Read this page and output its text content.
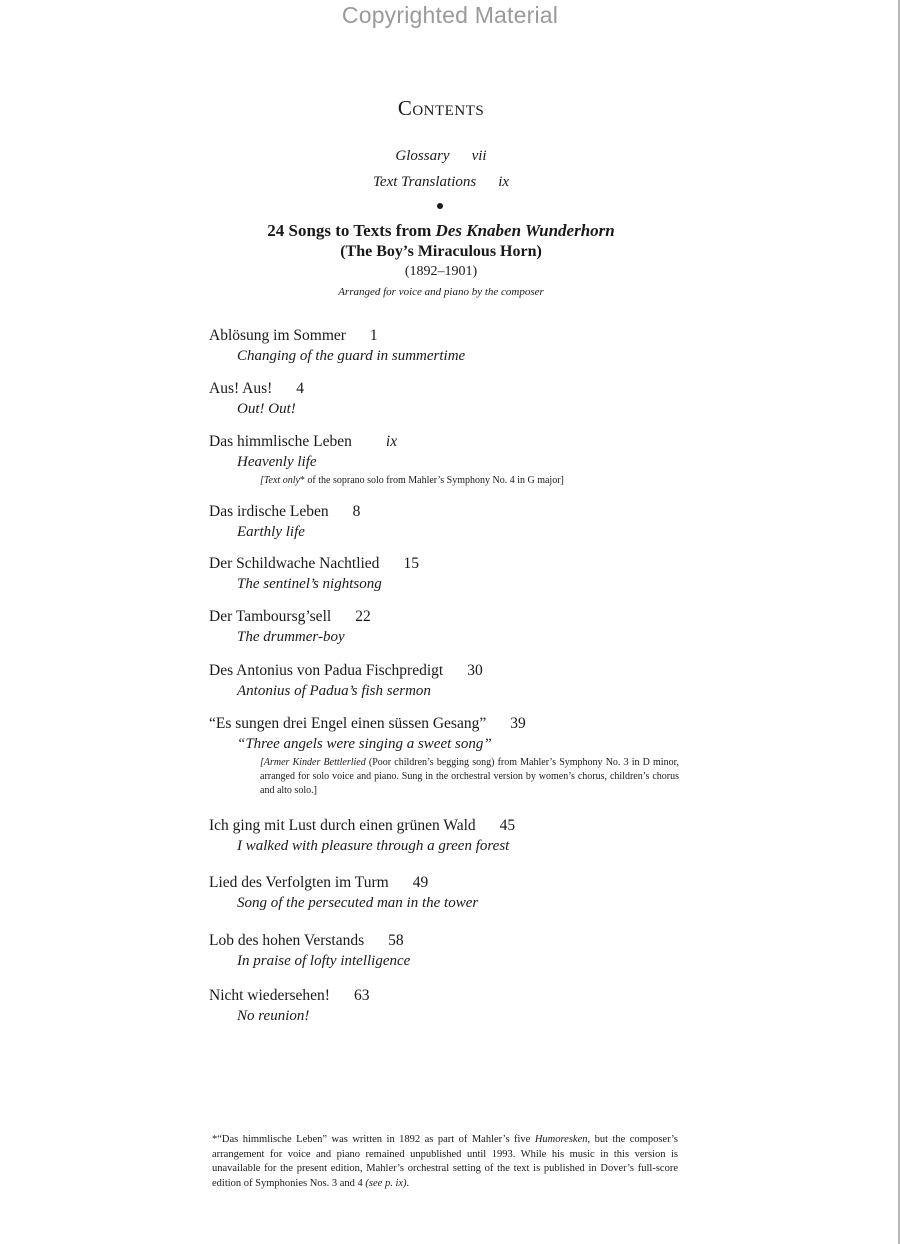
Copyrighted Material
Contents
Glossary vii
Text Translations ix
24 Songs to Texts from Des Knaben Wunderhorn
(The Boy’s Miraculous Horn)
(1892–1901)
Arranged for voice and piano by the composer
Ablösung im Sommer 1
Changing of the guard in summertime
Aus! Aus! 4
Out! Out!
Das himmlische Leben ix
Heavenly life
[Text only* of the soprano solo from Mahler’s Symphony No. 4 in G major]
Das irdische Leben 8
Earthly life
Der Schildwache Nachtlied 15
The sentinel’s nightsong
Der Tamboursg’sell 22
The drummer-boy
Des Antonius von Padua Fischpredigt 30
Antonius of Padua’s fish sermon
“Es sungen drei Engel einen süssen Gesang” 39
“Three angels were singing a sweet song”
[Armer Kinder Bettlerlied (Poor children’s begging song) from Mahler’s Symphony No. 3 in D minor, arranged for solo voice and piano. Sung in the orchestral version by women’s chorus, children’s chorus and alto solo.]
Ich ging mit Lust durch einen grünen Wald 45
I walked with pleasure through a green forest
Lied des Verfolgten im Turm 49
Song of the persecuted man in the tower
Lob des hohen Verstands 58
In praise of lofty intelligence
Nicht wiedersehen! 63
No reunion!
*“Das himmlische Leben” was written in 1892 as part of Mahler’s five Humoresken, but the composer’s arrangement for voice and piano remained unpublished until 1993. While his music in this version is unavailable for the present edition, Mahler’s orchestral setting of the text is published in Dover’s full-score edition of Symphonies Nos. 3 and 4 (see p. ix).
